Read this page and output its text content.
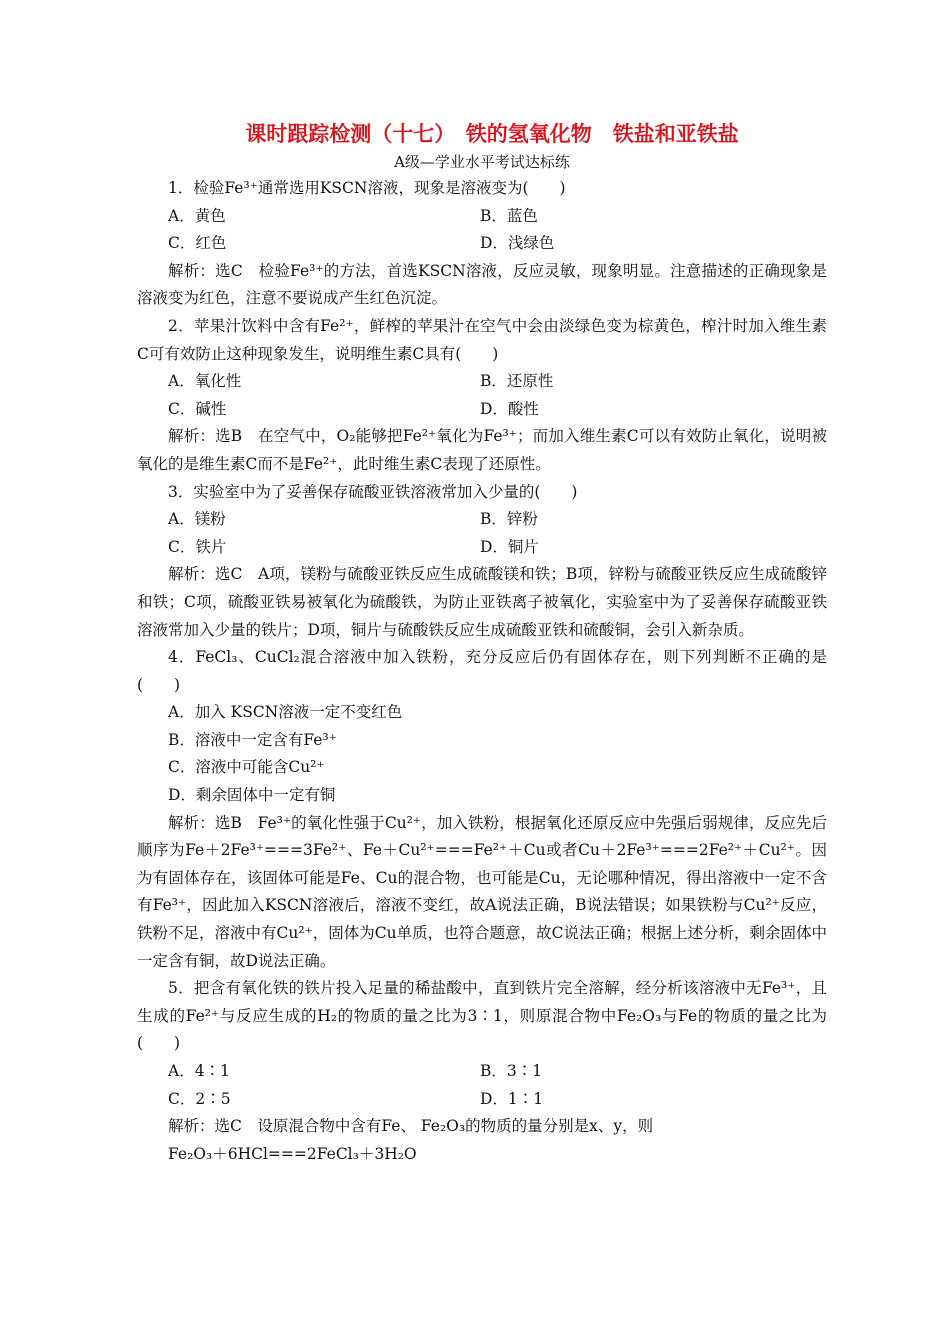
课时跟踪检测（十七）　铁的氢氧化物　铁盐和亚铁盐
A级—学业水平考试达标练

1．检验Fe³⁺通常选用KSCN溶液，现象是溶液变为(　　)

A．黄色	B．蓝色
C．红色	D．浅绿色

解析：选C　检验Fe³⁺的方法，首选KSCN溶液，反应灵敏，现象明显。注意描述的正确现象是溶液变为红色，注意不要说成产生红色沉淀。

2．苹果汁饮料中含有Fe²⁺，鲜榨的苹果汁在空气中会由淡绿色变为棕黄色，榨汁时加入维生素C可有效防止这种现象发生，说明维生素C具有(　　)

A．氧化性	B．还原性
C．碱性	D．酸性

解析：选B　在空气中，O₂能够把Fe²⁺氧化为Fe³⁺；而加入维生素C可以有效防止氧化，说明被氧化的是维生素C而不是Fe²⁺，此时维生素C表现了还原性。

3．实验室中为了妥善保存硫酸亚铁溶液常加入少量的(　　)

A．镁粉	B．锌粉
C．铁片	D．铜片

解析：选C　A项，镁粉与硫酸亚铁反应生成硫酸镁和铁；B项，锌粉与硫酸亚铁反应生成硫酸锌和铁；C项，硫酸亚铁易被氧化为硫酸铁，为防止亚铁离子被氧化，实验室中为了妥善保存硫酸亚铁溶液常加入少量的铁片；D项，铜片与硫酸铁反应生成硫酸亚铁和硫酸铜，会引入新杂质。

4．FeCl₃、CuCl₂混合溶液中加入铁粉，充分反应后仍有固体存在，则下列判断不正确的是(　　)

A．加入 KSCN溶液一定不变红色
B．溶液中一定含有Fe³⁺
C．溶液中可能含Cu²⁺
D．剩余固体中一定有铜

解析：选B　Fe³⁺的氧化性强于Cu²⁺，加入铁粉，根据氧化还原反应中先强后弱规律，反应先后顺序为Fe＋2Fe³⁺===3Fe²⁺、Fe＋Cu²⁺===Fe²⁺＋Cu或者Cu＋2Fe³⁺===2Fe²⁺＋Cu²⁺。因为有固体存在，该固体可能是Fe、Cu的混合物，也可能是Cu，无论哪种情况，得出溶液中一定不含有Fe³⁺，因此加入KSCN溶液后，溶液不变红，故A说法正确，B说法错误；如果铁粉与Cu²⁺反应，铁粉不足，溶液中有Cu²⁺，固体为Cu单质，也符合题意，故C说法正确；根据上述分析，剩余固体中一定含有铜，故D说法正确。

5．把含有氧化铁的铁片投入足量的稀盐酸中，直到铁片完全溶解，经分析该溶液中无Fe³⁺，且生成的Fe²⁺与反应生成的H₂的物质的量之比为3∶1，则原混合物中Fe₂O₃与Fe的物质的量之比为(　　)

A．4∶1	B．3∶1
C．2∶5	D．1∶1

解析：选C　设原混合物中含有Fe、 Fe₂O₃的物质的量分别是x、y，则

Fe₂O₃＋6HCl===2FeCl₃＋3H₂O
